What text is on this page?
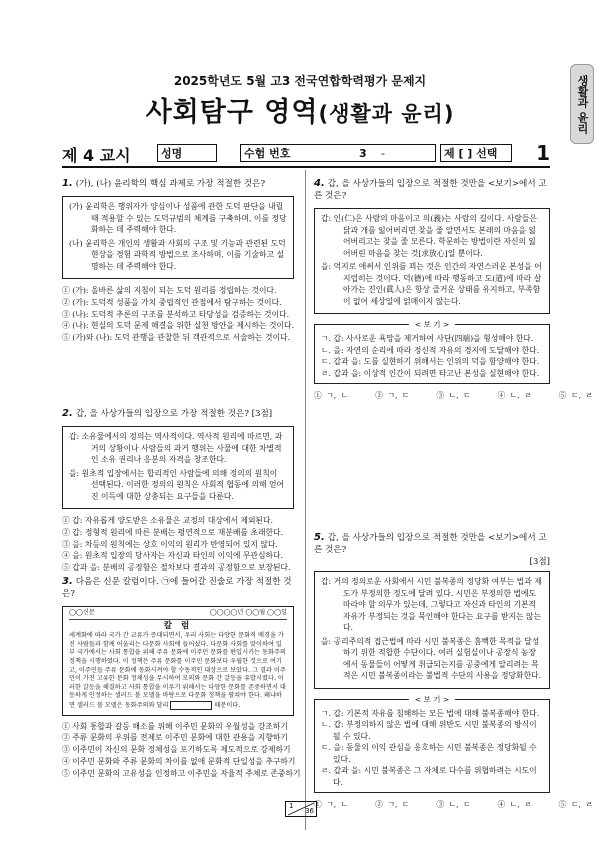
2025학년도 5월 고3 전국연합학력평가 문제지
사회탐구 영역(생활과 윤리)	생활과 윤리
제 4 교시	성명	수험 번호	3 -	제 [ ] 선택	1
1. (가), (나) 윤리학의 핵심 과제로 가장 적절한 것은?

(가) 윤리학은 행위자가 양심이나 성품에 관한 도덕 판단을 내릴 때 적용할 수 있는 도덕규범의 체계를 구축하며, 이를 정당화하는 데 주력해야 한다.

(나) 윤리학은 개인의 생활과 사회의 구조 및 기능과 관련된 도덕 현상을 경험 과학적 방법으로 조사하며, 이를 기술하고 설명하는 데 주력해야 한다.

① (가): 올바른 삶의 지침이 되는 도덕 원리를 정립하는 것이다.
② (가): 도덕적 성품을 가치 중립적인 관점에서 탐구하는 것이다.
③ (나): 도덕적 추론의 구조를 분석하고 타당성을 검증하는 것이다.
④ (나): 현실의 도덕 문제 해결을 위한 실천 방안을 제시하는 것이다.
⑤ (가)와 (나): 도덕 관행을 관찰한 뒤 객관적으로 서술하는 것이다.
2. 갑, 을 사상가들의 입장으로 가장 적절한 것은? [3점]

갑: 소유물에서의 정의는 역사적이다. 역사적 원리에 따르면, 과거의 상황이나 사람들의 과거 행위는 사물에 대한 차별적인 소유 권리나 응분의 자격을 창조한다.

을: 원초적 입장에서는 합리적인 사람들에 의해 정의의 원칙이 선택된다. 이러한 정의의 원칙은 사회적 협동에 의해 얻어진 이득에 대한 상충되는 요구들을 다룬다.

① 갑: 자유롭게 양도받은 소유물은 교정의 대상에서 제외된다.
② 갑: 정형적 원리에 따른 분배는 평연적으로 재분배를 초래한다.
③ 을: 차등의 원칙에는 상호 이익의 원리가 반영되어 있지 않다.
④ 을: 원초적 입장의 당사자는 자신과 타인의 이익에 무관심하다.
⑤ 갑과 을: 분배의 공정함은 절차보다 결과의 공정함으로 보장된다.
3. 다음은 신문 칼럼이다. ㉠에 들어갈 진술로 가장 적절한 것은?
◯◯신문	◯◯◯◯년 ◯◯월 ◯◯일
칼 럼
세계화에 따라 국가 간 교류가 증대되면서, 우리 사회는 다양한 문화적 배경을 가진 사람들과 함께 어울리는 다문화 사회에 들어섰다. 다문화 사회를 맞이하여 일부 국가에서는 사회 통합을 위해 주류 문화에 이주민 문화를 편입시키는 동화주의 정책을 시행하였다. 이 정책은 주류 문화를 이주민 문화보다 우월한 것으로 여기고, 이주민들 주류 문화에 동화시켜야 할 수동적인 대상으로 보았다. 그 결과 이주민이 가진 고유한 문화 정체성을 무시하여 모의와 문화 간 갈등을 유발시켰다. 이러한 갈등을 해결하고 사회 통합을 이루기 위해서는 다양한 문화를 존중하면서 대등하게 인정하는 샐러드 볼 모델을 바탕으로 다문화 정책을 펼쳐야 한다. 왜냐하면 샐러드 볼 모델은 동화주의와 달리	때문이다.
① 사회 통합과 갈등 해소를 위해 이주민 문화의 우월성을 강조하기
② 주류 문화의 우위를 전제로 이주민 문화에 대한 관용을 지향하기
③ 이주민이 자신의 문화 정체성을 포기하도록 제도적으로 강제하기
④ 이주민 문화와 주류 문화의 차이를 없애 문화적 단일성을 추구하기
⑤ 이주민 문화의 고유성을 인정하고 이주민을 자율적 주체로 존중하기
4. 갑, 을 사상가들의 입장으로 적절한 것만을 <보기>에서 고른 것은?

갑: 인(仁)은 사람의 마음이고 의(義)는 사람의 길이다. 사람들은 닭과 개를 잃어버리면 찾을 줄 알면서도 본래의 마음을 잃어버리고는 찾을 줄 모른다. 학문하는 방법이란 자신의 잃어버린 마음을 찾는 것[求放心]일 뿐이다.

을: 억지로 애써서 인위를 꾀는 것은 인간의 자연스러운 본성을 어지럽히는 것이다. 덕(德)에 따라 행동하고 도(道)에 따라 살아가는 진인(眞人)은 항상 즐거운 상태를 유지하고, 부족함이 없어 세상일에 얽매이지 않는다.

< 보 기 >

ㄱ. 갑: 사사로운 욕망을 제거하여 사단(四端)을 형성해야 한다.

ㄴ. 을: 자연의 순리에 따라 정신적 자유의 경지에 도달해야 한다.

ㄷ. 갑과 을: 도를 실현하기 위해서는 인위의 덕을 함양해야 한다.

ㄹ. 갑과 을: 이상적 인간이 되려면 타고난 본성을 실현해야 한다.

① ㄱ, ㄴ      ② ㄱ, ㄷ      ③ ㄴ, ㄷ      ④ ㄴ, ㄹ      ⑤ ㄷ, ㄹ
5. 갑, 을 사상가들의 입장으로 적절한 것만을 <보기>에서 고른 것은?
[3점]

갑: 거의 정의로운 사회에서 시민 불복종의 정당화 여부는 법과 제도가 부정의한 정도에 달려 있다. 시민은 부정의한 법에도 따라야 할 의무가 있는데, 그렇다고 자신과 타인의 기본적 자유가 부정되는 것을 묵인해야 한다는 요구를 받지는 않는다.

을: 공리주의적 접근법에 따라 시민 불복종은 흠뻑한 목적을 달성하기 위한 적합한 수단이다. 여러 실험실이나 공장식 농장에서 동물들이 어떻게 취급되는지를 공중에게 알리려는 목적은 시민 불복종이라는 불법적 수단의 사용을 정당화한다.

< 보 기 >

ㄱ. 갑: 기본적 자유를 침해하는 모든 법에 대해 불복종해야 한다.

ㄴ. 갑: 부정의하지 않은 법에 대해 위반도 시민 불복종의 방식이 될 수 있다.

ㄷ. 을: 동물의 이익 관심을 옹호하는 시민 불복종은 정당화될 수 있다.

ㄹ. 갑과 을: 시민 불복종은 그 자체로 다수를 위협하려는 시도이다.

① ㄱ, ㄴ      ② ㄱ, ㄷ      ③ ㄴ, ㄷ      ④ ㄴ, ㄹ      ⑤ ㄷ, ㄹ
1
36
